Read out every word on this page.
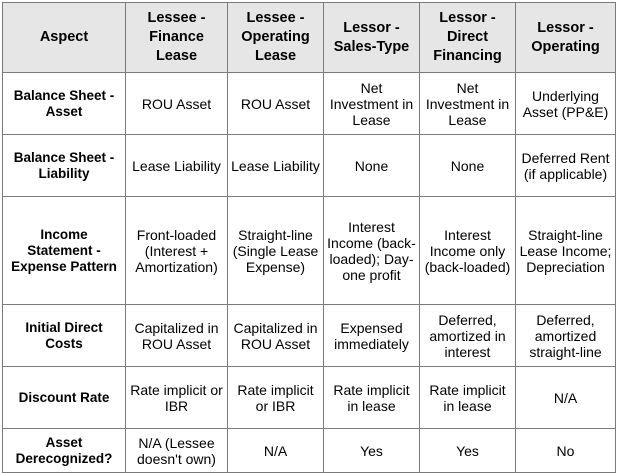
Aspect	Lessee - Finance Lease	Lessee - Operating Lease	Lessor - Sales-Type	Lessor - Direct Financing	Lessor - Operating
Balance Sheet - Asset	ROU Asset	ROU Asset	Net Investment in Lease	Net Investment in Lease	Underlying Asset (PP&E)
Balance Sheet - Liability	Lease Liability	Lease Liability	None	None	Deferred Rent (if applicable)
Income Statement - Expense Pattern	Front-loaded (Interest + Amortization)	Straight-line (Single Lease Expense)	Interest Income (back-loaded); Day-one profit	Interest Income only (back-loaded)	Straight-line Lease Income; Depreciation
Initial Direct Costs	Capitalized in ROU Asset	Capitalized in ROU Asset	Expensed immediately	Deferred, amortized in interest	Deferred, amortized straight-line
Discount Rate	Rate implicit or IBR	Rate implicit or IBR	Rate implicit in lease	Rate implicit in lease	N/A
Asset Derecognized?	N/A (Lessee doesn't own)	N/A	Yes	Yes	No
